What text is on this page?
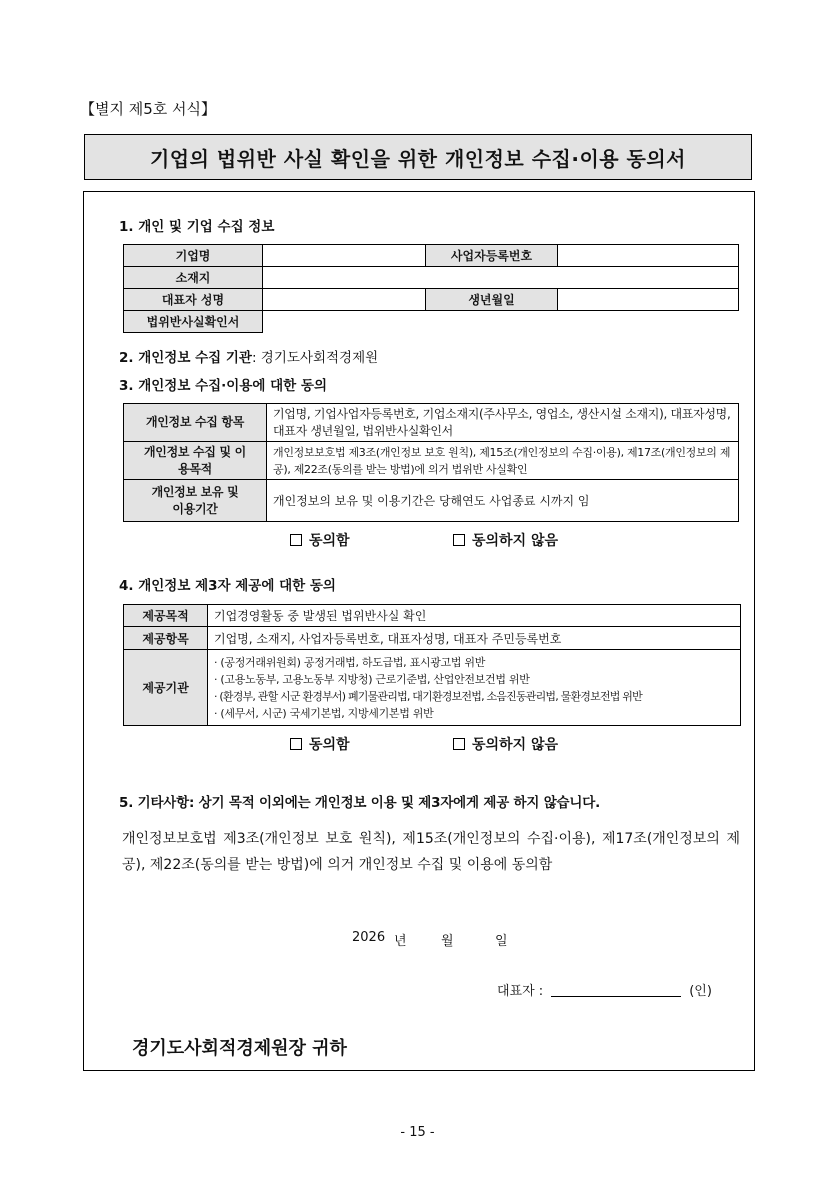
【별지 제5호 서식】
기업의 법위반 사실 확인을 위한 개인정보 수집·이용 동의서
1. 개인 및 기업 수집 정보
기업명		사업자등록번호	
소재지			
대표자 성명		생년월일	
법위반사실확인서			
2. 개인정보 수집 기관: 경기도사회적경제원
3. 개인정보 수집·이용에 대한 동의
개인정보 수집 항목	기업명, 기업사업자등록번호, 기업소재지(주사무소, 영업소, 생산시설 소재지), 대표자성명, 대표자 생년월일, 법위반사실확인서
개인정보 수집 및 이용목적	개인정보보호법 제3조(개인정보 보호 원칙), 제15조(개인정보의 수집·이용), 제17조(개인정보의 제공), 제22조(동의를 받는 방법)에 의거 법위반 사실확인
개인정보 보유 및 이용기간	개인정보의 보유 및 이용기간은 당해연도 사업종료 시까지 임
동의함	동의하지 않음
4. 개인정보 제3자 제공에 대한 동의
제공목적	기업경영활동 중 발생된 법위반사실 확인
제공항목	기업명, 소재지, 사업자등록번호, 대표자성명, 대표자 주민등록번호
제공기관	· (공정거래위원회) 공정거래법, 하도급법, 표시광고법 위반
· (고용노동부, 고용노동부 지방청) 근로기준법, 산업안전보건법 위반
· (환경부, 관할 시군 환경부서) 폐기물관리법, 대기환경보전법, 소음진동관리법, 물환경보전법 위반
· (세무서, 시군) 국세기본법, 지방세기본법 위반
동의함	동의하지 않음
5. 기타사항: 상기 목적 이외에는 개인정보 이용 및 제3자에게 제공 하지 않습니다.
개인정보보호법 제3조(개인정보 보호 원칙), 제15조(개인정보의 수집·이용), 제17조(개인정보의 제공), 제22조(동의를 받는 방법)에 의거 개인정보 수집 및 이용에 동의함
2026 년	월	일
대표자 :	(인)
경기도사회적경제원장 귀하
- 15 -
